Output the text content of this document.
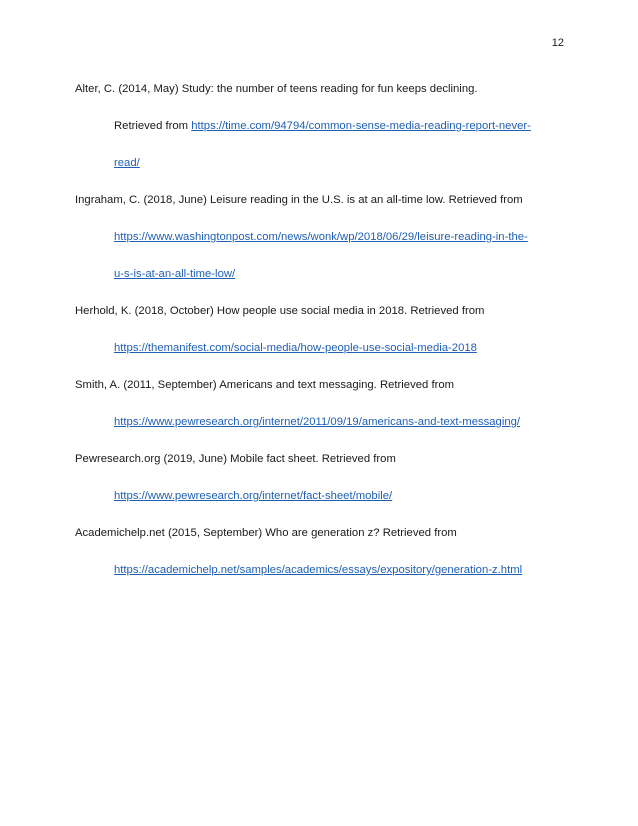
12
Alter, C. (2014, May) Study: the number of teens reading for fun keeps declining.
Retrieved from https://time.com/94794/common-sense-media-reading-report-never-
read/
Ingraham, C. (2018, June) Leisure reading in the U.S. is at an all-time low. Retrieved from
https://www.washingtonpost.com/news/wonk/wp/2018/06/29/leisure-reading-in-the-
u-s-is-at-an-all-time-low/
Herhold, K. (2018, October) How people use social media in 2018. Retrieved from
https://themanifest.com/social-media/how-people-use-social-media-2018
Smith, A. (2011, September) Americans and text messaging. Retrieved from
https://www.pewresearch.org/internet/2011/09/19/americans-and-text-messaging/
Pewresearch.org (2019, June) Mobile fact sheet. Retrieved from
https://www.pewresearch.org/internet/fact-sheet/mobile/
Academichelp.net (2015, September) Who are generation z? Retrieved from
https://academichelp.net/samples/academics/essays/expository/generation-z.html
